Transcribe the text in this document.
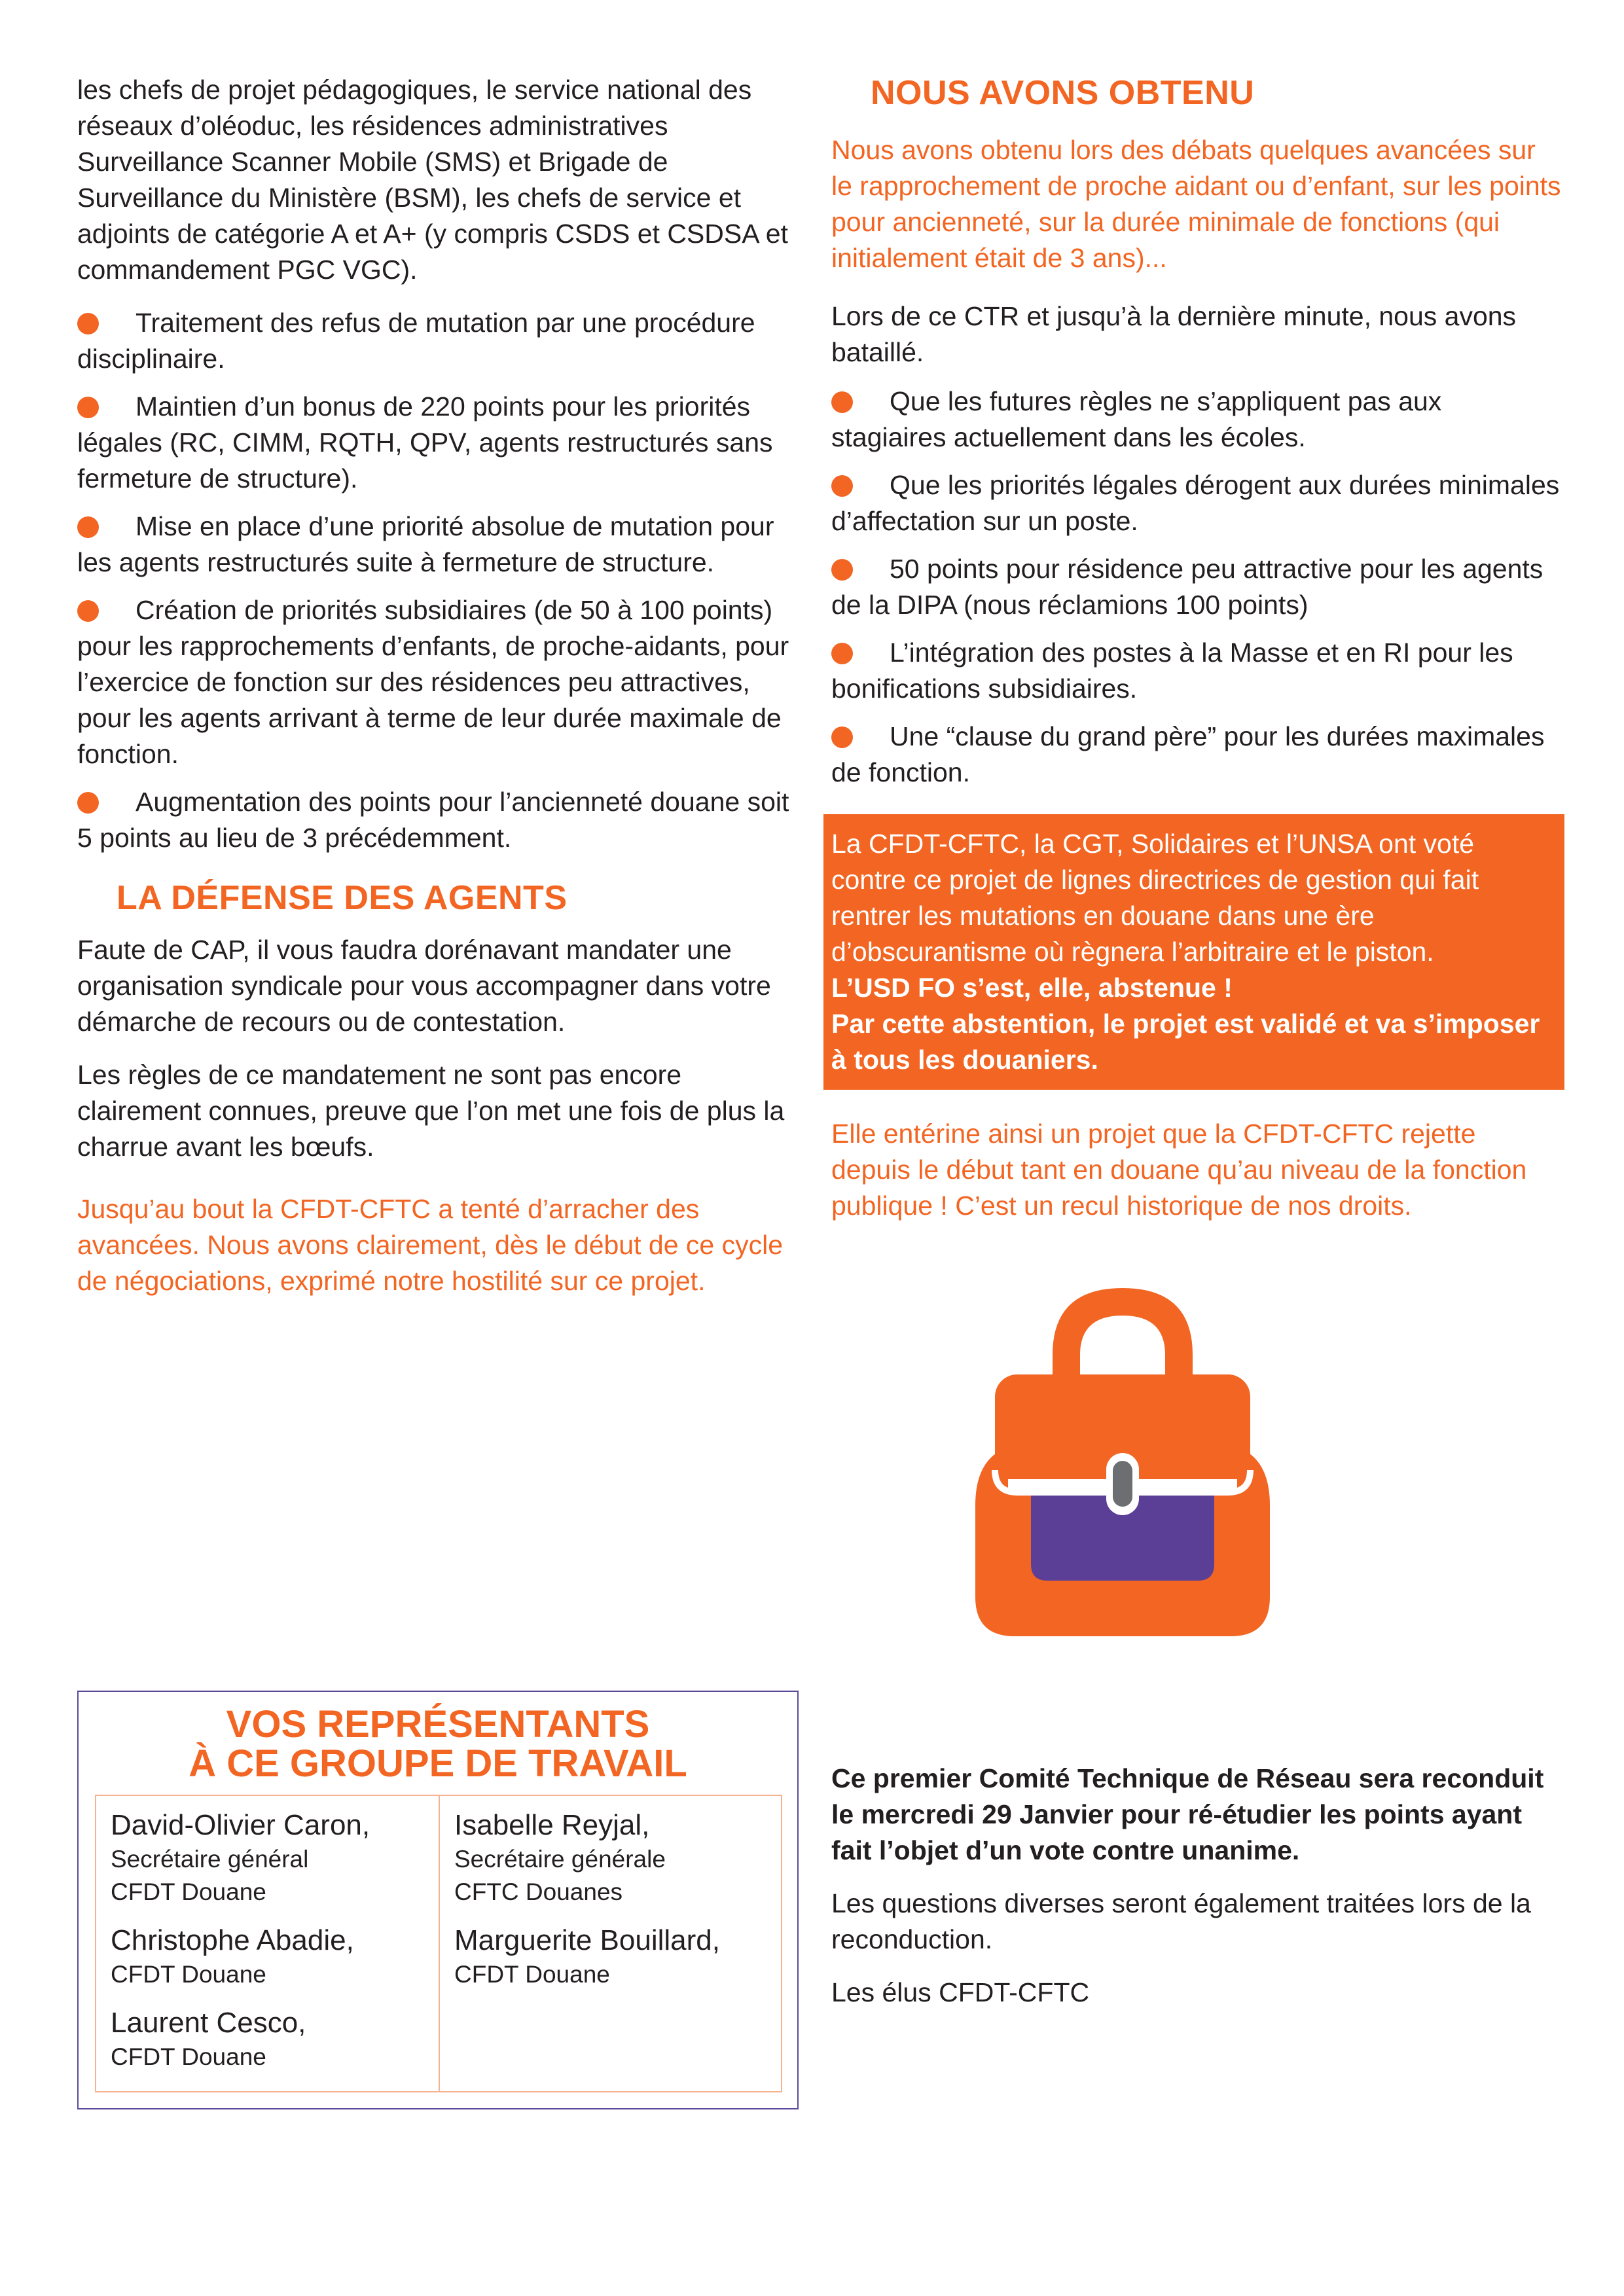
les chefs de projet pédagogiques, le service national des réseaux d’oléoduc, les résidences administratives Surveillance Scanner Mobile (SMS) et Brigade de Surveillance du Ministère (BSM), les chefs de service et adjoints de catégorie A et A+ (y compris CSDS et CSDSA et commandement PGC VGC).

Traitement des refus de mutation par une procédure disciplinaire.
Maintien d’un bonus de 220 points pour les priorités légales (RC, CIMM, RQTH, QPV, agents restructurés sans fermeture de structure).
Mise en place d’une priorité absolue de mutation pour les agents restructurés suite à fermeture de structure.
Création de priorités subsidiaires (de 50 à 100 points) pour les rapprochements d’enfants, de proche-aidants, pour l’exercice de fonction sur des résidences peu attractives, pour les agents arrivant à terme de leur durée maximale de fonction.
Augmentation des points pour l’ancienneté douane soit 5 points au lieu de 3 précédemment.
LA DÉFENSE DES AGENTS

Faute de CAP, il vous faudra dorénavant mandater une organisation syndicale pour vous accompagner dans votre démarche de recours ou de contestation.

Les règles de ce mandatement ne sont pas encore clairement connues, preuve que l’on met une fois de plus la charrue avant les bœufs.

Jusqu’au bout la CFDT-CFTC a tenté d’arracher des avancées. Nous avons clairement, dès le début de ce cycle de négociations, exprimé notre hostilité sur ce projet.

NOUS AVONS OBTENU

Nous avons obtenu lors des débats quelques avancées sur le rapprochement de proche aidant ou d’enfant, sur les points pour ancienneté, sur la durée minimale de fonctions (qui initialement était de 3 ans)...

Lors de ce CTR et jusqu’à la dernière minute, nous avons bataillé.

Que les futures règles ne s’appliquent pas aux stagiaires actuellement dans les écoles.
Que les priorités légales dérogent aux durées minimales d’affectation sur un poste.
50 points pour résidence peu attractive pour les agents de la DIPA (nous réclamions 100 points)
L’intégration des postes à la Masse et en RI pour les bonifications subsidiaires.
Une “clause du grand père” pour les durées maximales de fonction.
La CFDT-CFTC, la CGT, Solidaires et l’UNSA ont voté contre ce projet de lignes directrices de gestion qui fait rentrer les mutations en douane dans une ère d’obscurantisme où règnera l’arbitraire et le piston.
L’USD FO s’est, elle, abstenue !
Par cette abstention, le projet est validé et va s’imposer à tous les douaniers.

Elle entérine ainsi un projet que la CFDT-CFTC rejette depuis le début tant en douane qu’au niveau de la fonction publique ! C’est un recul historique de nos droits.

VOS REPRÉSENTANTS
À CE GROUPE DE TRAVAIL
David-Olivier Caron,
Secrétaire général
CFDT Douane
Christophe Abadie,
CFDT Douane
Laurent Cesco,
CFDT Douane
Isabelle Reyjal,
Secrétaire générale
CFTC Douanes
Marguerite Bouillard,
CFDT Douane

Ce premier Comité Technique de Réseau sera reconduit le mercredi 29 Janvier pour ré-étudier les points ayant fait l’objet d’un vote contre unanime.

Les questions diverses seront également traitées lors de la reconduction.

Les élus CFDT-CFTC
